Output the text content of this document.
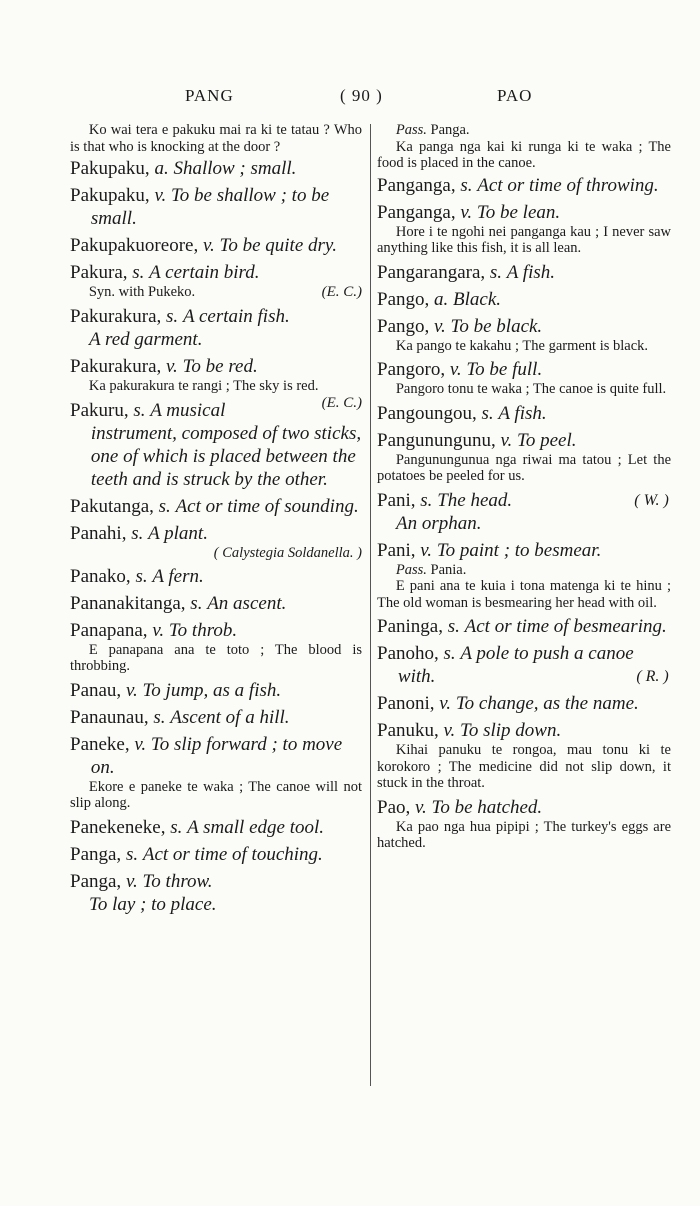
PANG	( 90 )	PAO
Ko wai tera e pakuku mai ra ki te tatau ? Who is that who is knocking at the door ?
Pakupaku, a. Shallow ; small.
Pakupaku, v. To be shallow ; to be small.
Pakupakuoreore, v. To be quite dry.
Pakura, s. A certain bird.
Syn. with Pukeko.	(E. C.)
Pakurakura, s. A certain fish.
A red garment.
Pakurakura, v. To be red.
Ka pakurakura te rangi ; The sky is red.
(E. C.)
Pakuru, s. A musical instrument, composed of two sticks, one of which is placed between the teeth and is struck by the other.
Pakutanga, s. Act or time of sounding.
Panahi, s. A plant.
( Calystegia Soldanella. )
Panako, s. A fern.
Pananakitanga, s. An ascent.
Panapana, v. To throb.
E panapana ana te toto ; The blood is throbbing.
Panau, v. To jump, as a fish.
Panaunau, s. Ascent of a hill.
Paneke, v. To slip forward ; to move on.
Ekore e paneke te waka ; The canoe will not slip along.
Panekeneke, s. A small edge tool.
Panga, s. Act or time of touching.
Panga, v. To throw.
To lay ; to place.
Pass. Panga.
Ka panga nga kai ki runga ki te waka ; The food is placed in the canoe.
Panganga, s. Act or time of throwing.
Panganga, v. To be lean.
Hore i te ngohi nei panganga kau ; I never saw anything like this fish, it is all lean.
Pangarangara, s. A fish.
Pango, a. Black.
Pango, v. To be black.
Ka pango te kakahu ; The garment is black.
Pangoro, v. To be full.
Pangoro tonu te waka ; The canoe is quite full.
Pangoungou, s. A fish.
Pangunungunu, v. To peel.
Pangunungunua nga riwai ma tatou ; Let the potatoes be peeled for us.
Pani, s. The head.	( W. )
An orphan.
Pani, v. To paint ; to besmear.
Pass. Pania.
E pani ana te kuia i tona matenga ki te hinu ; The old woman is besmearing her head with oil.
Paninga, s. Act or time of besmearing.
Panoho, s. A pole to push a canoe with.	( R. )
Panoni, v. To change, as the name.
Panuku, v. To slip down.
Kihai panuku te rongoa, mau tonu ki te korokoro ; The medicine did not slip down, it stuck in the throat.
Pao, v. To be hatched.
Ka pao nga hua pipipi ; The turkey's eggs are hatched.
